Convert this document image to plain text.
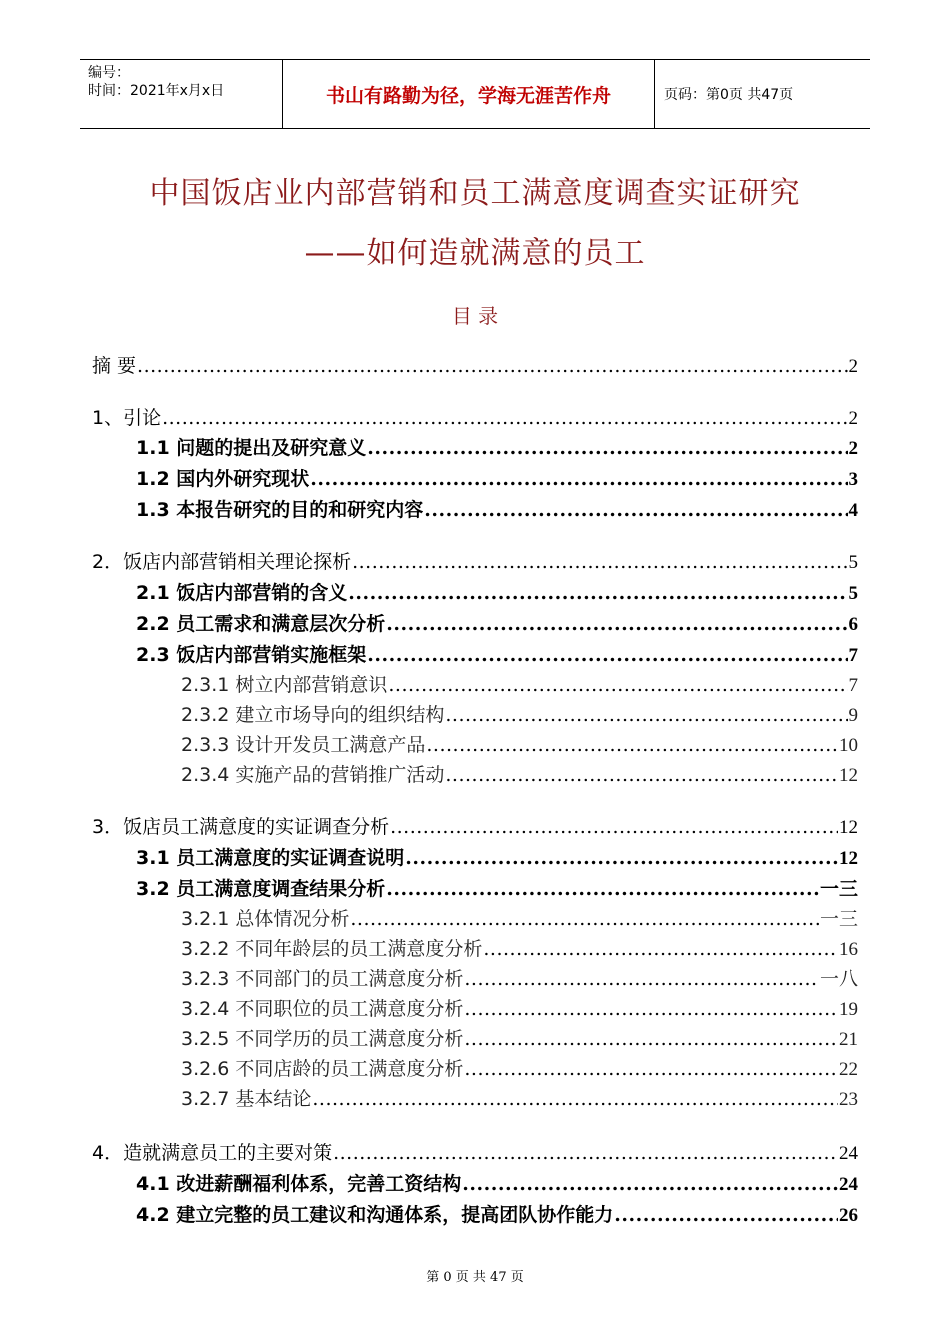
编号：
时间：2021年x月x日	书山有路勤为径，学海无涯苦作舟	页码：第0页 共47页
中国饭店业内部营销和员工满意度调查实证研究
——如何造就满意的员工
目 录
摘 要 .....	2
1、引论 .....	2
1.1 问题的提出及研究意义 .....	2
1.2 国内外研究现状 .....	3
1.3 本报告研究的目的和研究内容 .....	4
2．饭店内部营销相关理论探析 .....	5
2.1 饭店内部营销的含义 .....	5
2.2 员工需求和满意层次分析 .....	6
2.3 饭店内部营销实施框架 .....	7
2.3.1 树立内部营销意识 .....	7
2.3.2 建立市场导向的组织结构 .....	9
2.3.3 设计开发员工满意产品 .....	10
2.3.4 实施产品的营销推广活动 .....	12
3．饭店员工满意度的实证调查分析 .....	12
3.1 员工满意度的实证调查说明 .....	12
3.2 员工满意度调查结果分析 .....	一三
3.2.1 总体情况分析 .....	一三
3.2.2 不同年龄层的员工满意度分析 .....	16
3.2.3 不同部门的员工满意度分析 .....	一八
3.2.4 不同职位的员工满意度分析 .....	19
3.2.5 不同学历的员工满意度分析 .....	21
3.2.6 不同店龄的员工满意度分析 .....	22
3.2.7 基本结论 .....	23
4．造就满意员工的主要对策 .....	24
4.1 改进薪酬福利体系，完善工资结构 .....	24
4.2 建立完整的员工建议和沟通体系，提高团队协作能力 .....	26
第 0 页 共 47 页
